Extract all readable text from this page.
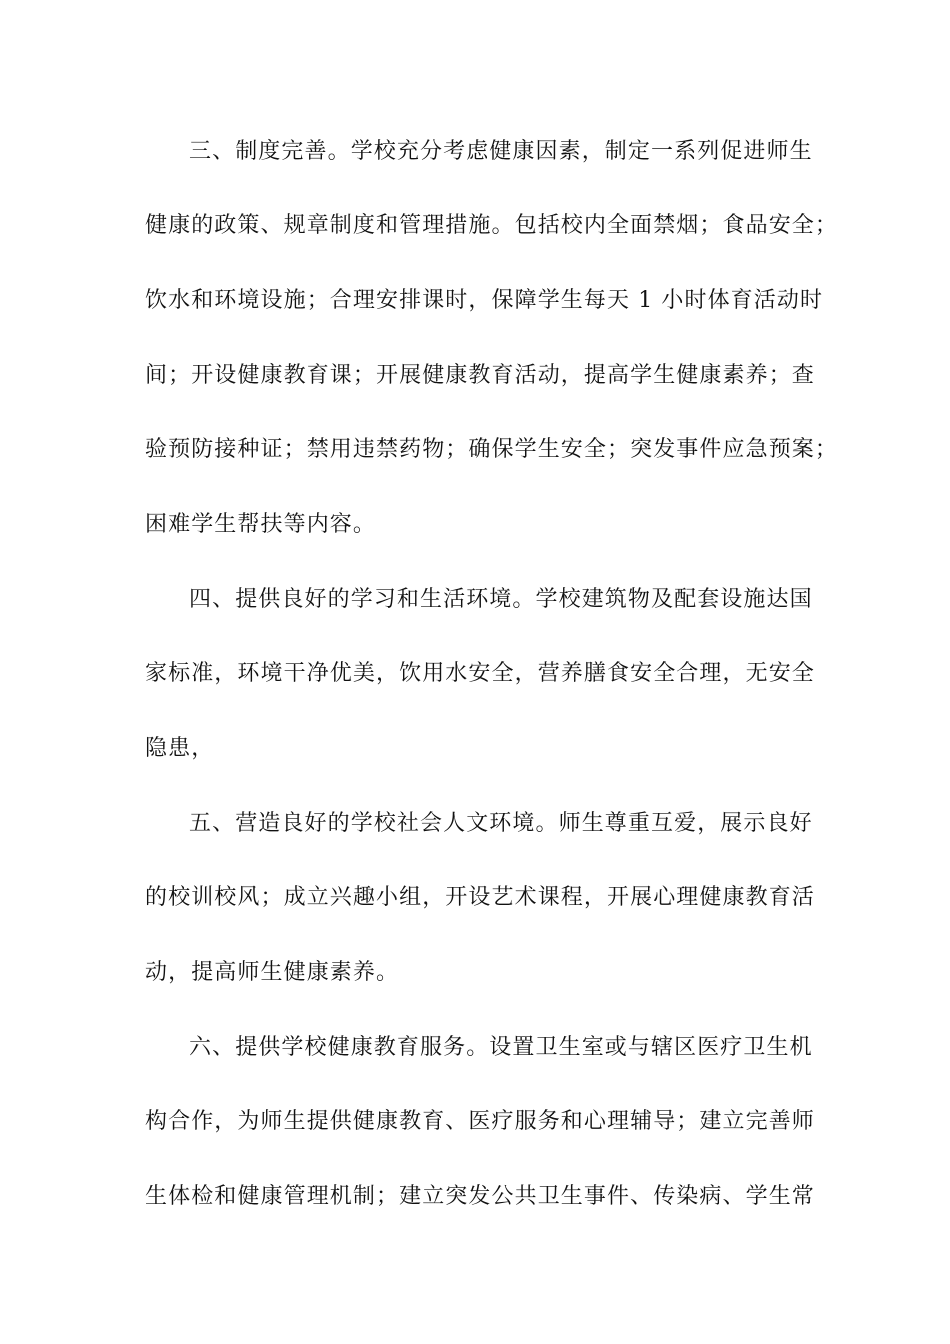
三、制度完善。学校充分考虑健康因素，制定一系列促进师生
健康的政策、规章制度和管理措施。包括校内全面禁烟；食品安全；
饮水和环境设施；合理安排课时，保障学生每天 1 小时体育活动时
间；开设健康教育课；开展健康教育活动，提高学生健康素养；查
验预防接种证；禁用违禁药物；确保学生安全；突发事件应急预案；
困难学生帮扶等内容。
四、提供良好的学习和生活环境。学校建筑物及配套设施达国
家标准，环境干净优美，饮用水安全，营养膳食安全合理，无安全
隐患，
五、营造良好的学校社会人文环境。师生尊重互爱，展示良好
的校训校风；成立兴趣小组，开设艺术课程，开展心理健康教育活
动，提高师生健康素养。
六、提供学校健康教育服务。设置卫生室或与辖区医疗卫生机
构合作，为师生提供健康教育、医疗服务和心理辅导；建立完善师
生体检和健康管理机制；建立突发公共卫生事件、传染病、学生常
